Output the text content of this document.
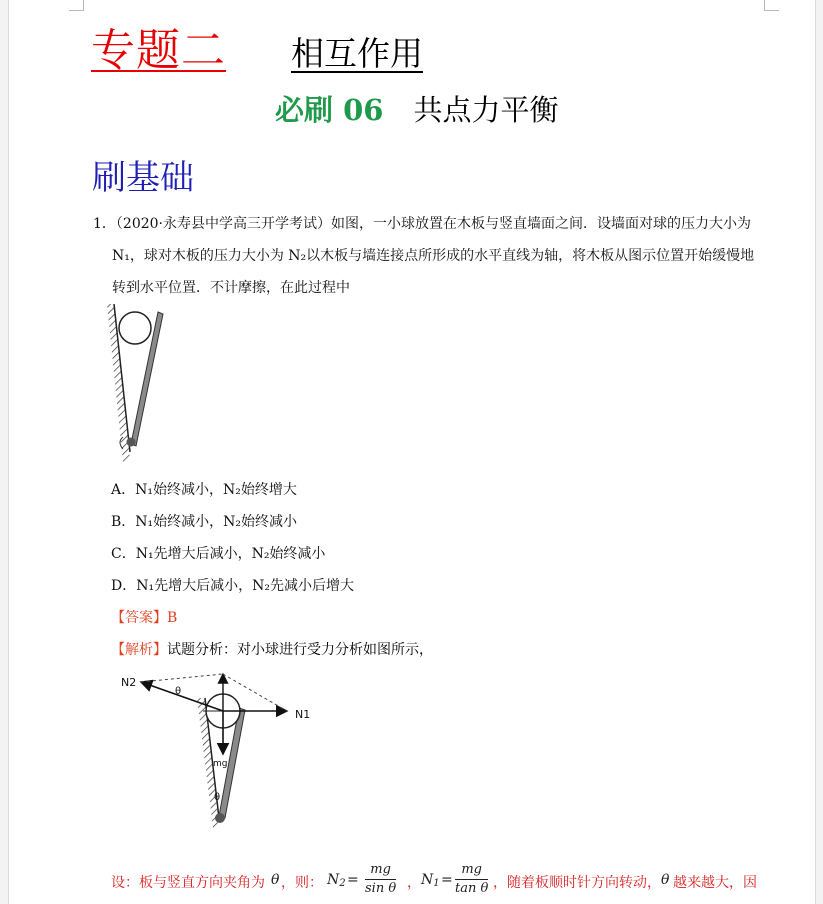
专题二 相互作用
必刷 06 共点力平衡
刷基础
1．（2020·永寿县中学高三开学考试）如图，一小球放置在木板与竖直墙面之间．设墙面对球的压力大小为
N₁，球对木板的压力大小为 N₂以木板与墙连接点所形成的水平直线为轴，将木板从图示位置开始缓慢地
转到水平位置．不计摩擦，在此过程中
A．N₁始终减小，N₂始终增大
B．N₁始终减小，N₂始终减小
C．N₁先增大后减小，N₂始终减小
D．N₁先增大后减小，N₂先减小后增大
【答案】B
【解析】试题分析：对小球进行受力分析如图所示，
N2
N1
mg
θ
θ
设：板与竖直方向夹角为 θ ，则： $N_2 = \frac{mg}{\text{sin θ}}$ ， $N_1 = \frac{mg}{\text{tan θ}}$ ，随着板顺时针方向转动， θ 越来越大，因
